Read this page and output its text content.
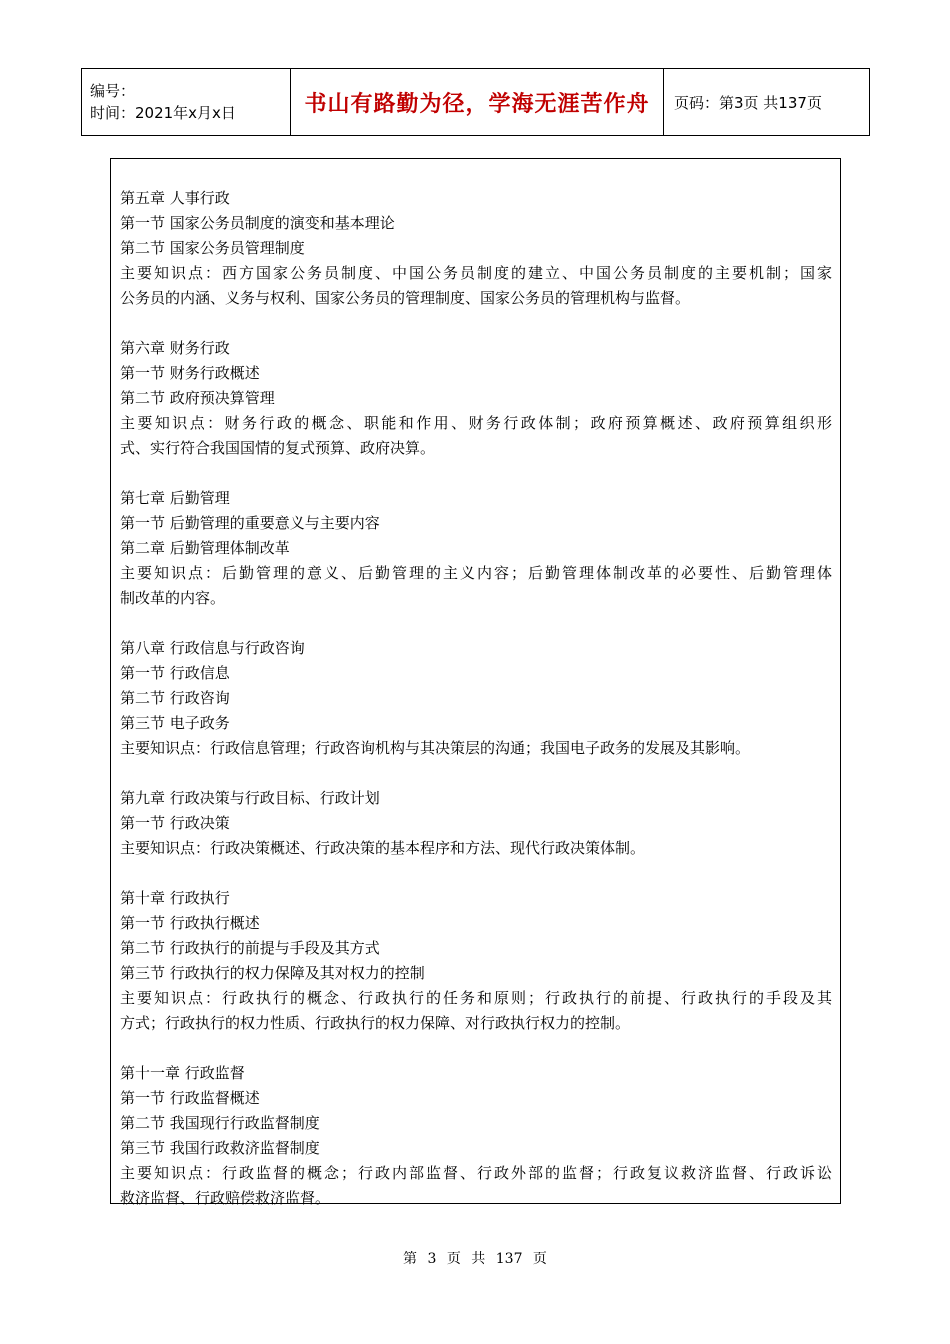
编号：
时间：2021年x月x日	书山有路勤为径，学海无涯苦作舟	页码：第3页 共137页
第五章 人事行政
第一节 国家公务员制度的演变和基本理论
第二节 国家公务员管理制度
主要知识点：西方国家公务员制度、中国公务员制度的建立、中国公务员制度的主要机制；国家
公务员的内涵、义务与权利、国家公务员的管理制度、国家公务员的管理机构与监督。
第六章 财务行政
第一节 财务行政概述
第二节 政府预决算管理
主要知识点：财务行政的概念、职能和作用、财务行政体制；政府预算概述、政府预算组织形
式、实行符合我国国情的复式预算、政府决算。
第七章 后勤管理
第一节 后勤管理的重要意义与主要内容
第二章 后勤管理体制改革
主要知识点：后勤管理的意义、后勤管理的主义内容；后勤管理体制改革的必要性、后勤管理体
制改革的内容。
第八章 行政信息与行政咨询
第一节 行政信息
第二节 行政咨询
第三节 电子政务
主要知识点：行政信息管理；行政咨询机构与其决策层的沟通；我国电子政务的发展及其影响。
第九章 行政决策与行政目标、行政计划
第一节 行政决策
主要知识点：行政决策概述、行政决策的基本程序和方法、现代行政决策体制。
第十章 行政执行
第一节 行政执行概述
第二节 行政执行的前提与手段及其方式
第三节 行政执行的权力保障及其对权力的控制
主要知识点：行政执行的概念、行政执行的任务和原则；行政执行的前提、行政执行的手段及其
方式；行政执行的权力性质、行政执行的权力保障、对行政执行权力的控制。
第十一章 行政监督
第一节 行政监督概述
第二节 我国现行行政监督制度
第三节 我国行政救济监督制度
主要知识点：行政监督的概念；行政内部监督、行政外部的监督；行政复议救济监督、行政诉讼
救济监督、行政赔偿救济监督。
第 3 页 共 137 页
